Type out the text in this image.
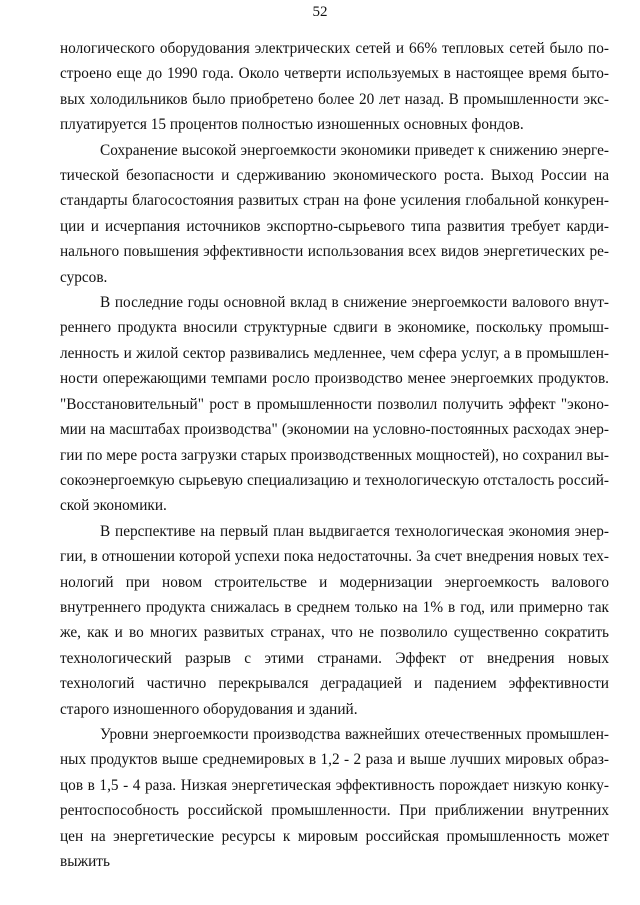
52

нологического оборудования электрических сетей и 66% тепловых сетей было построено еще до 1990 года. Около четверти используемых в настоящее время бытовых холодильников было приобретено более 20 лет назад. В промышленности эксплуатируется 15 процентов полностью изношенных основных фондов.

Сохранение высокой энергоемкости экономики приведет к снижению энергетической безопасности и сдерживанию экономического роста. Выход России на стандарты благосостояния развитых стран на фоне усиления глобальной конкуренции и исчерпания источников экспортно-сырьевого типа развития требует кардинального повышения эффективности использования всех видов энергетических ресурсов.

В последние годы основной вклад в снижение энергоемкости валового внутреннего продукта вносили структурные сдвиги в экономике, поскольку промышленность и жилой сектор развивались медленнее, чем сфера услуг, а в промышленности опережающими темпами росло производство менее энергоемких продуктов. "Восстановительный" рост в промышленности позволил получить эффект "экономии на масштабах производства" (экономии на условно-постоянных расходах энергии по мере роста загрузки старых производственных мощностей), но сохранил высокоэнергоемкую сырьевую специализацию и технологическую отсталость российской экономики.

В перспективе на первый план выдвигается технологическая экономия энергии, в отношении которой успехи пока недостаточны. За счет внедрения новых технологий при новом строительстве и модернизации энергоемкость валового внутреннего продукта снижалась в среднем только на 1% в год, или примерно так же, как и во многих развитых странах, что не позволило существенно сократить технологический разрыв с этими странами. Эффект от внедрения новых технологий частично перекрывался деградацией и падением эффективности старого изношенного оборудования и зданий.

Уровни энергоемкости производства важнейших отечественных промышленных продуктов выше среднемировых в 1,2 - 2 раза и выше лучших мировых образцов в 1,5 - 4 раза. Низкая энергетическая эффективность порождает низкую конкурентоспособность российской промышленности. При приближении внутренних цен на энергетические ресурсы к мировым российская промышленность может выжить
